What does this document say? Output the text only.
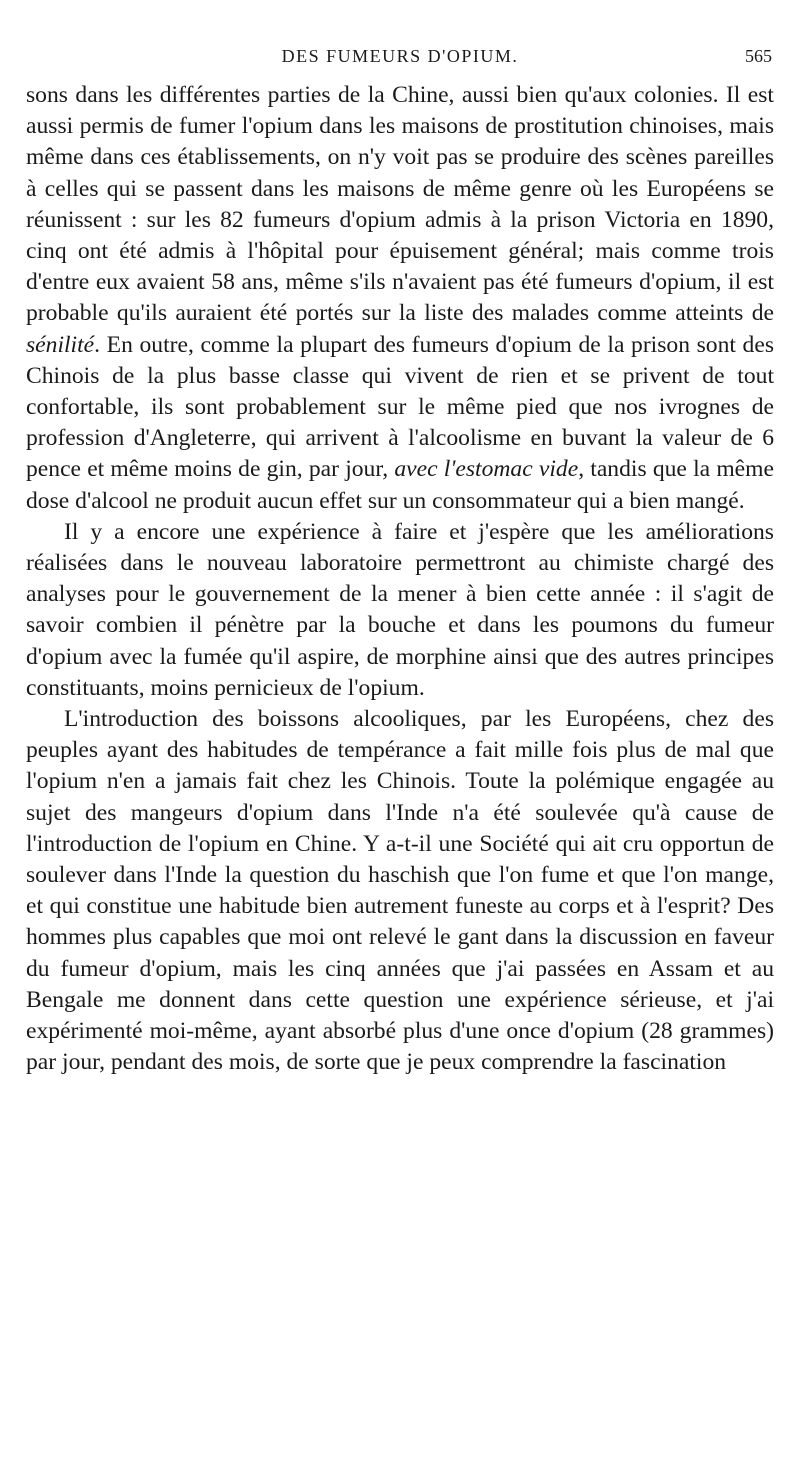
DES FUMEURS D'OPIUM.	565

sons dans les différentes parties de la Chine, aussi bien qu'aux colonies. Il est aussi permis de fumer l'opium dans les maisons de prostitution chinoises, mais même dans ces établissements, on n'y voit pas se produire des scènes pareilles à celles qui se passent dans les maisons de même genre où les Européens se réunissent : sur les 82 fumeurs d'opium admis à la prison Victoria en 1890, cinq ont été admis à l'hôpital pour épuisement général; mais comme trois d'entre eux avaient 58 ans, même s'ils n'avaient pas été fumeurs d'opium, il est probable qu'ils auraient été portés sur la liste des malades comme atteints de sénilité. En outre, comme la plupart des fumeurs d'opium de la prison sont des Chinois de la plus basse classe qui vivent de rien et se privent de tout confortable, ils sont probablement sur le même pied que nos ivrognes de profession d'Angleterre, qui arrivent à l'alcoolisme en buvant la valeur de 6 pence et même moins de gin, par jour, avec l'estomac vide, tandis que la même dose d'alcool ne produit aucun effet sur un consommateur qui a bien mangé.

Il y a encore une expérience à faire et j'espère que les améliorations réalisées dans le nouveau laboratoire permettront au chimiste chargé des analyses pour le gouvernement de la mener à bien cette année : il s'agit de savoir combien il pénètre par la bouche et dans les poumons du fumeur d'opium avec la fumée qu'il aspire, de morphine ainsi que des autres principes constituants, moins pernicieux de l'opium.

L'introduction des boissons alcooliques, par les Européens, chez des peuples ayant des habitudes de tempérance a fait mille fois plus de mal que l'opium n'en a jamais fait chez les Chinois. Toute la polémique engagée au sujet des mangeurs d'opium dans l'Inde n'a été soulevée qu'à cause de l'introduction de l'opium en Chine. Y a-t-il une Société qui ait cru opportun de soulever dans l'Inde la question du haschish que l'on fume et que l'on mange, et qui constitue une habitude bien autrement funeste au corps et à l'esprit? Des hommes plus capables que moi ont relevé le gant dans la discussion en faveur du fumeur d'opium, mais les cinq années que j'ai passées en Assam et au Bengale me donnent dans cette question une expérience sérieuse, et j'ai expérimenté moi-même, ayant absorbé plus d'une once d'opium (28 grammes) par jour, pendant des mois, de sorte que je peux comprendre la fascination
